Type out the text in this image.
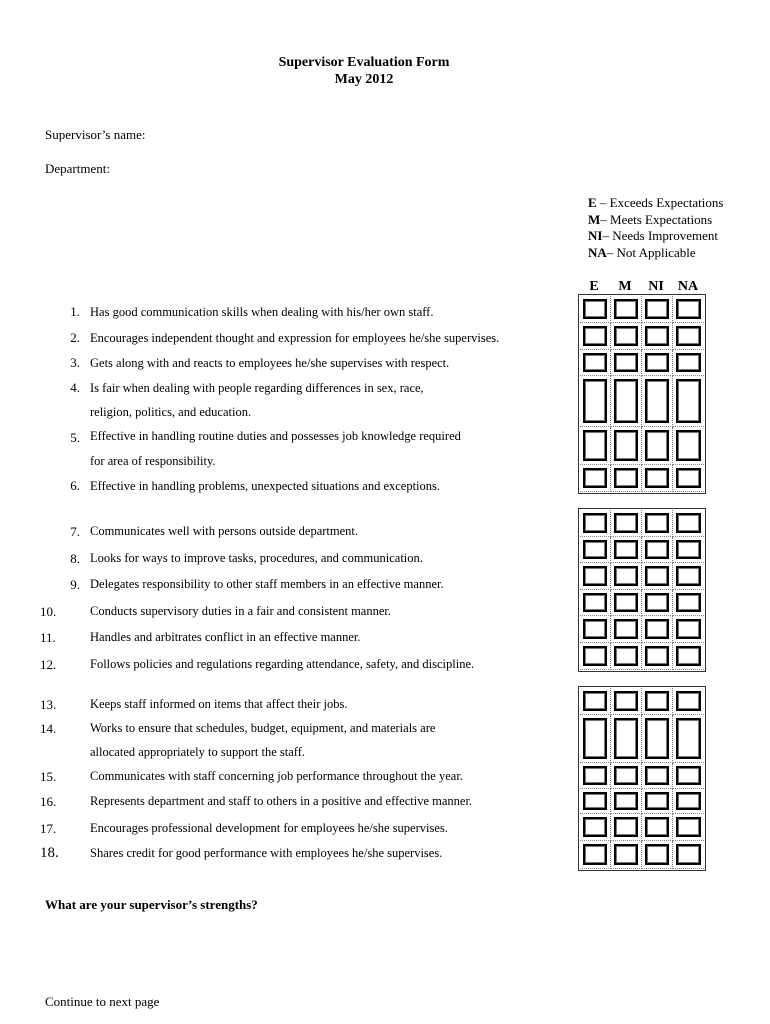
Supervisor Evaluation Form
May 2012
Supervisor’s name:
Department:
E – Exceeds Expectations
M– Meets Expectations
NI– Needs Improvement
NA– Not Applicable
E	M	NI	NA
1. Has good communication skills when dealing with his/her own staff.
2. Encourages independent thought and expression for employees he/she supervises.
3. Gets along with and reacts to employees he/she supervises with respect.
4. Is fair when dealing with people regarding differences in sex, race,
religion, politics, and education.
5. Effective in handling routine duties and possesses job knowledge required
for area of responsibility.
6. Effective in handling problems, unexpected situations and exceptions.
7. Communicates well with persons outside department.
8. Looks for ways to improve tasks, procedures, and communication.
9. Delegates responsibility to other staff members in an effective manner.
10.	Conducts supervisory duties in a fair and consistent manner.
11.	Handles and arbitrates conflict in an effective manner.
12.	Follows policies and regulations regarding attendance, safety, and discipline.
13.	Keeps staff informed on items that affect their jobs.
14.	Works to ensure that schedules, budget, equipment, and materials are
allocated appropriately to support the staff.
15.	Communicates with staff concerning job performance throughout the year.
16.	Represents department and staff to others in a positive and effective manner.
17.	Encourages professional development for employees he/she supervises.
18.	Shares credit for good performance with employees he/she supervises.
What are your supervisor’s strengths?
Continue to next page
